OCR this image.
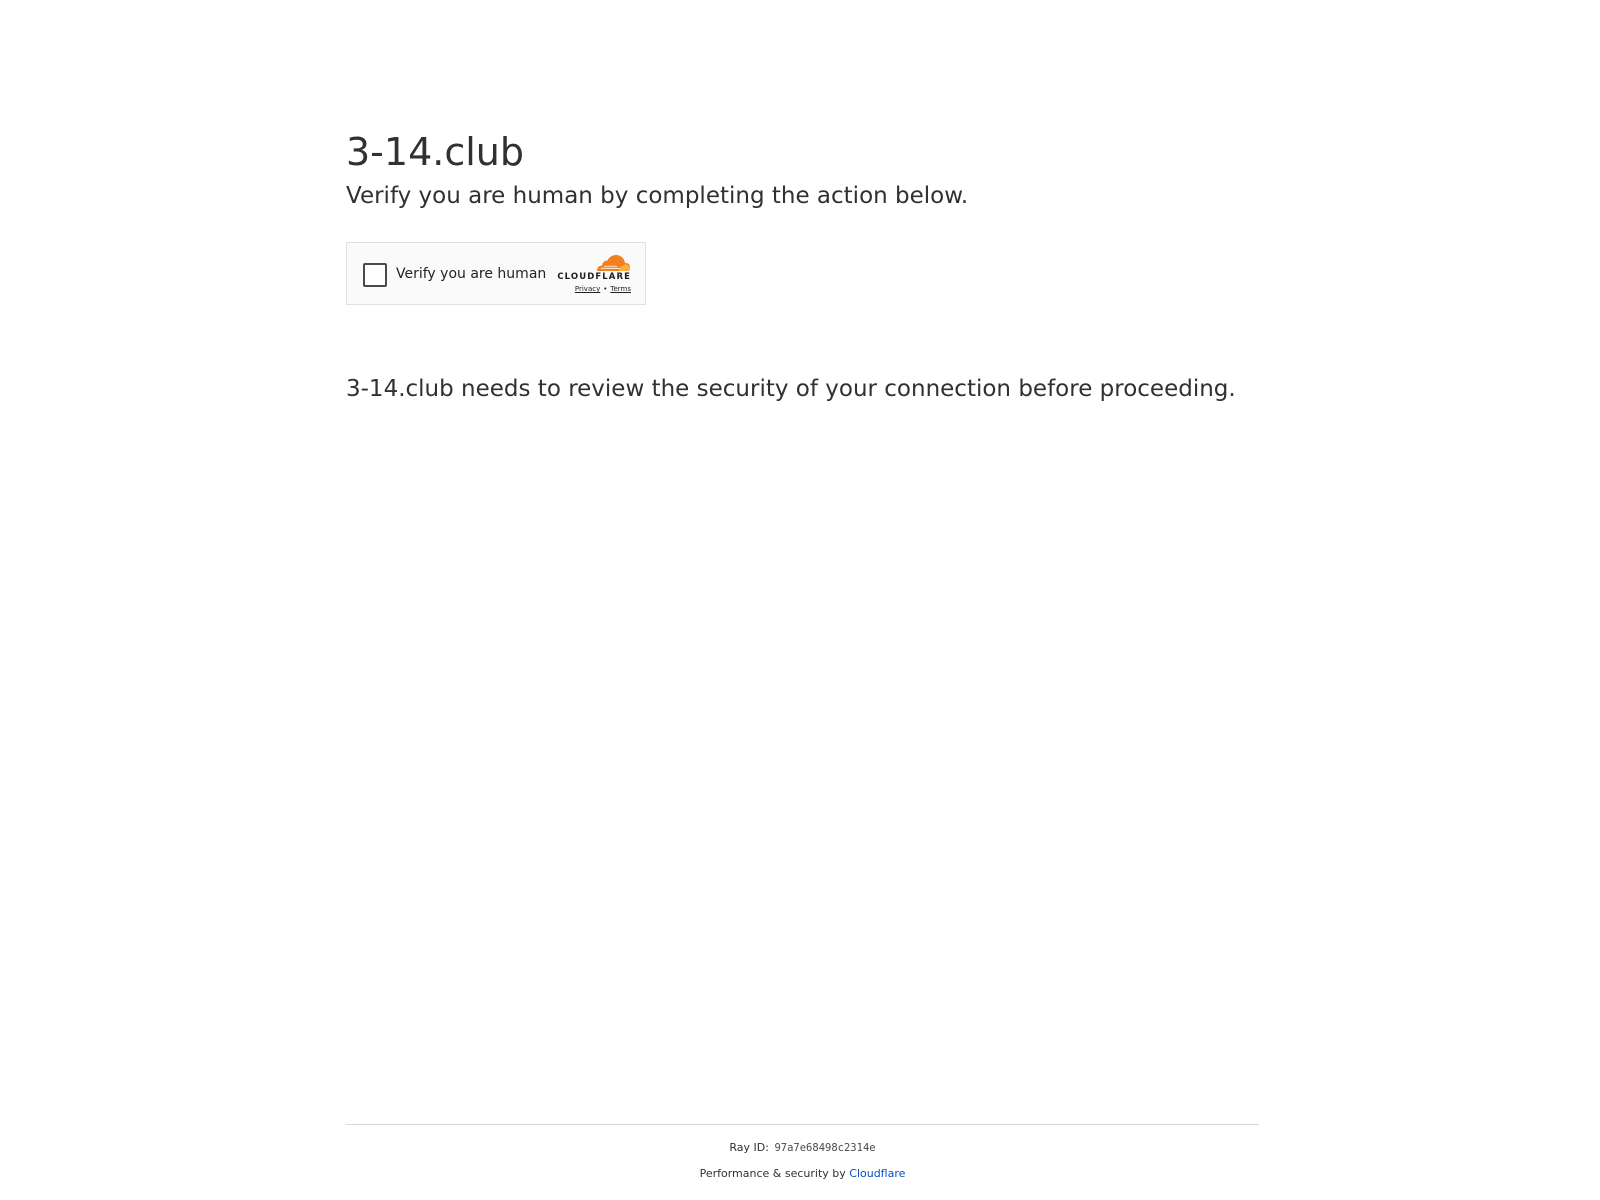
3-14.club
Verify you are human by completing the action below.
Verify you are human CLOUDFLARE
Privacy • Terms

3-14.club needs to review the security of your connection before proceeding.

Ray ID: 97a7e68498c2314e
Performance & security by Cloudflare
